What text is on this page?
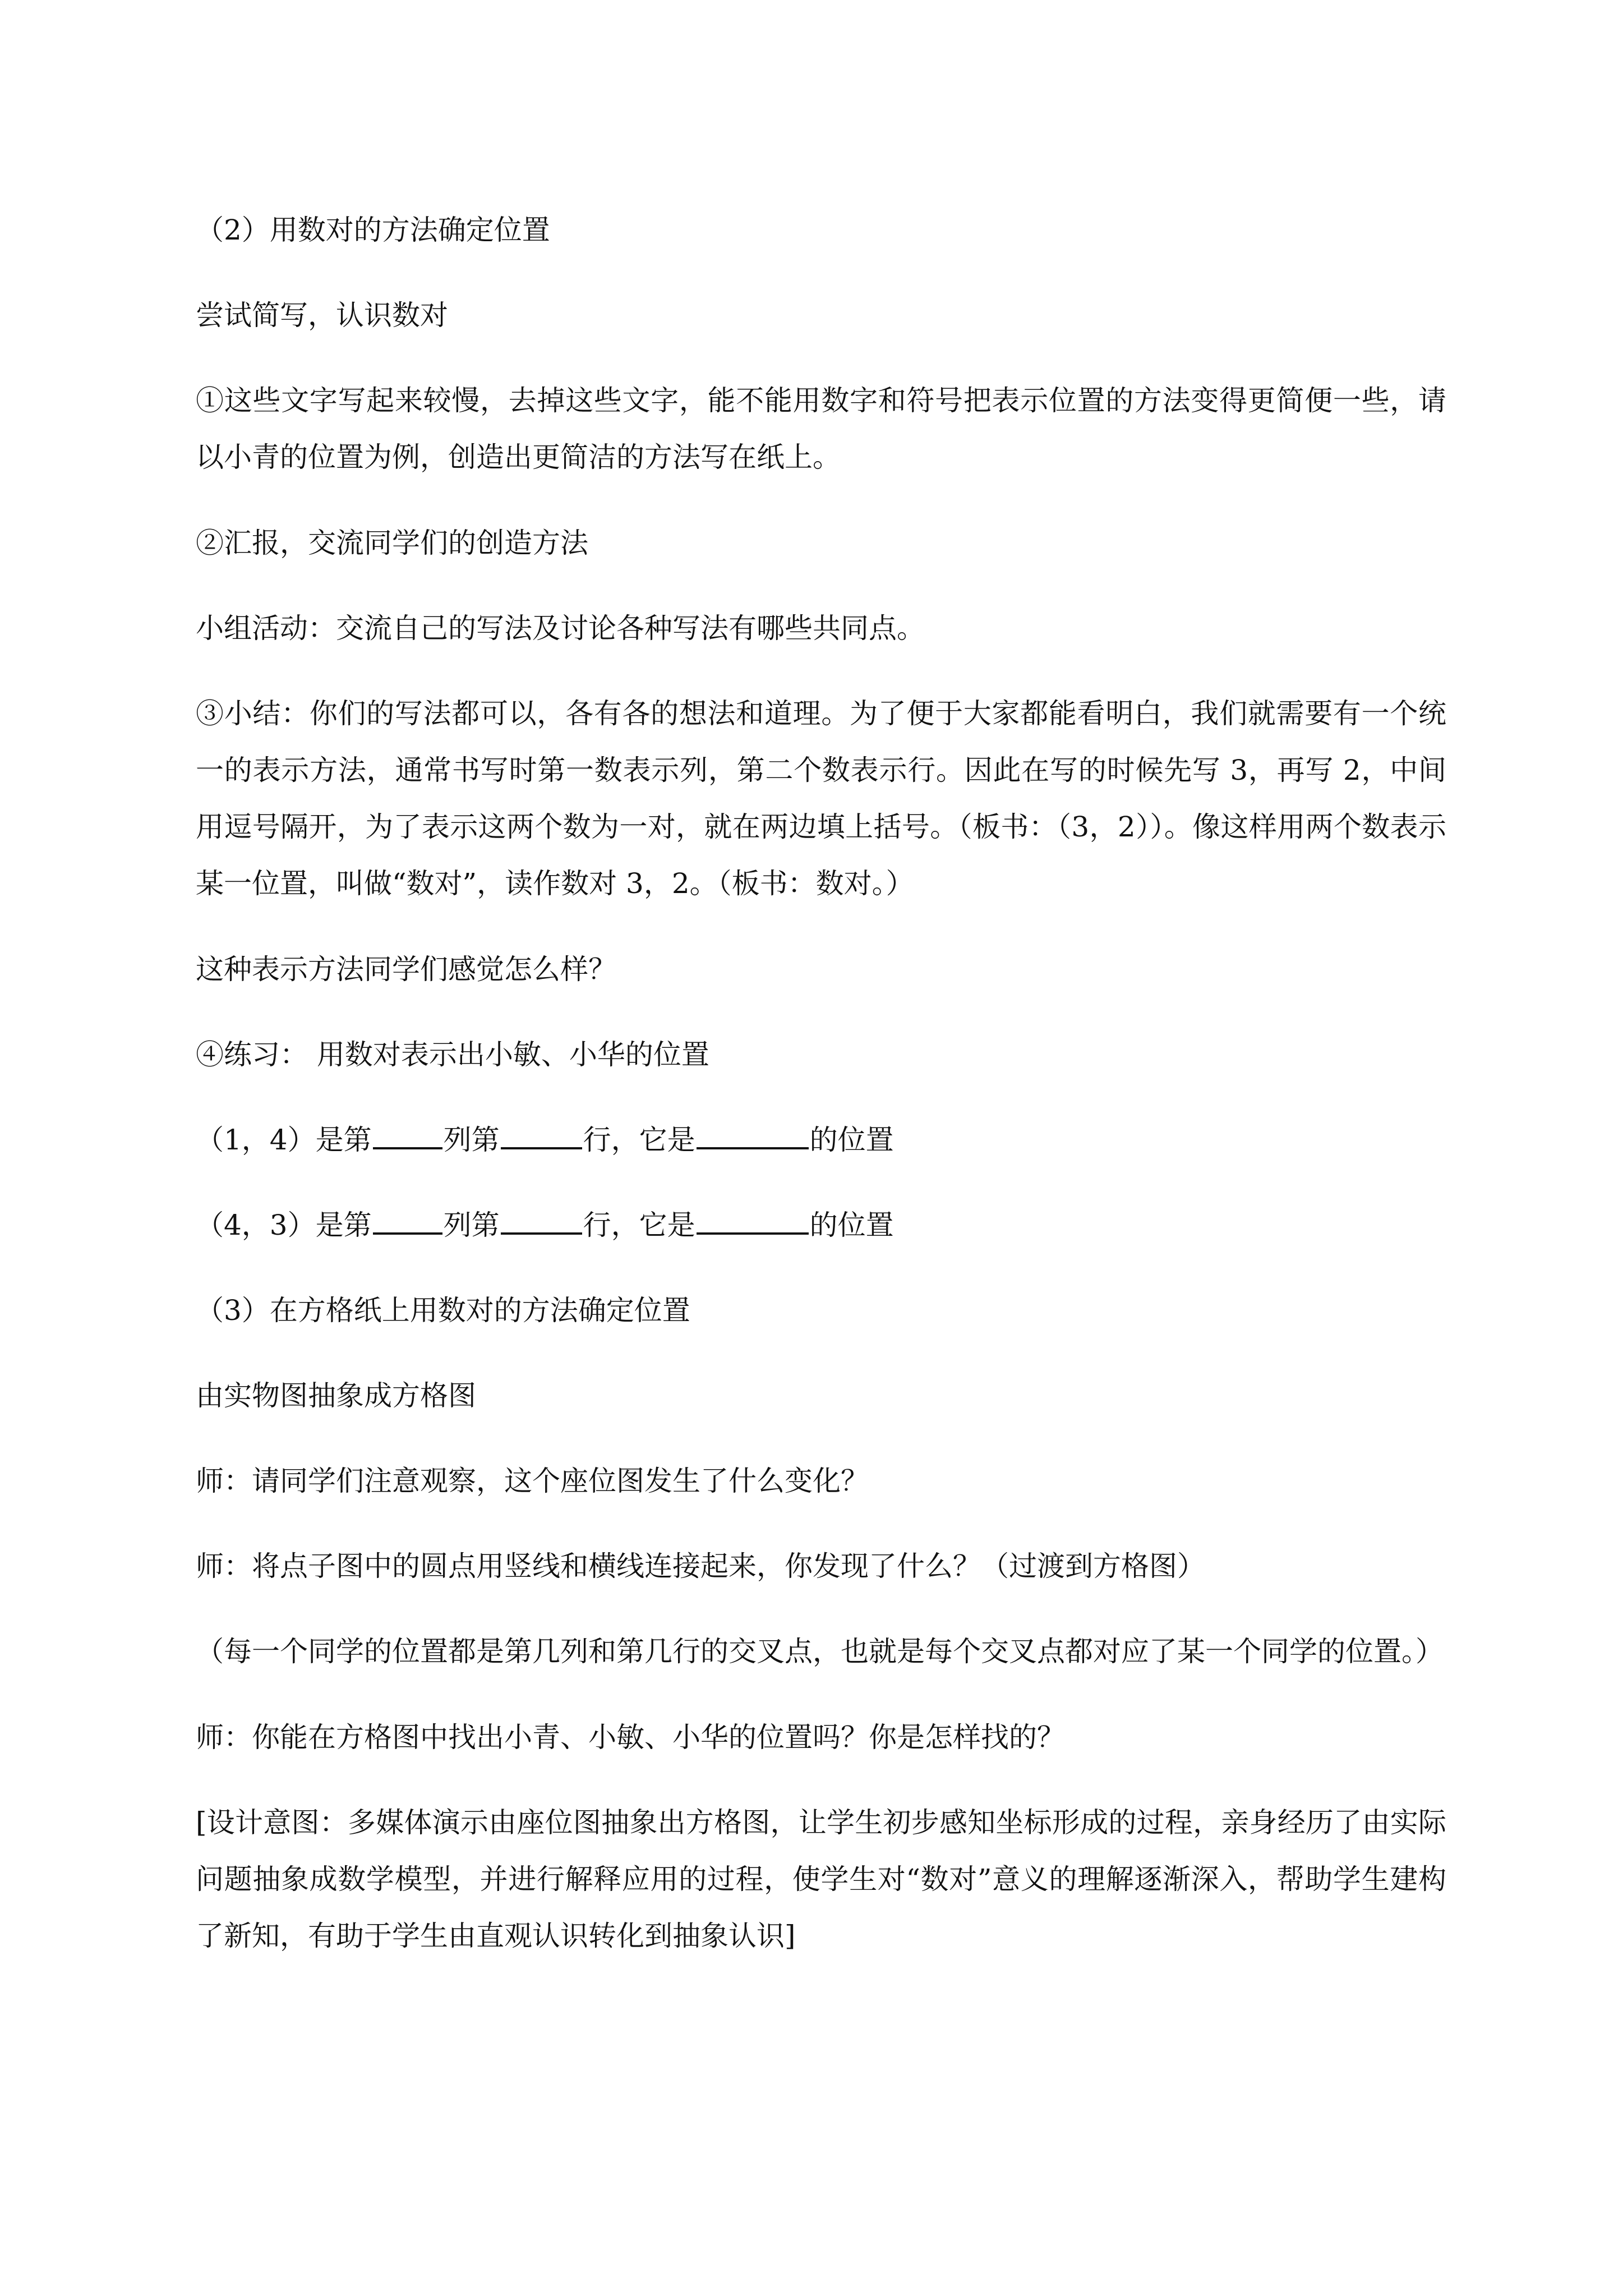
（2）用数对的方法确定位置

尝试简写，认识数对

①这些文字写起来较慢，去掉这些文字，能不能用数字和符号把表示位置的方法变得更简便一些，请以小青的位置为例，创造出更简洁的方法写在纸上。

②汇报，交流同学们的创造方法

小组活动：交流自己的写法及讨论各种写法有哪些共同点。

③小结：你们的写法都可以，各有各的想法和道理。为了便于大家都能看明白，我们就需要有一个统一的表示方法，通常书写时第一数表示列，第二个数表示行。因此在写的时候先写 3，再写 2，中间用逗号隔开，为了表示这两个数为一对，就在两边填上括号。（板书：（3，2））。像这样用两个数表示某一位置，叫做“数对”，读作数对 3，2。（板书：数对。）

这种表示方法同学们感觉怎么样？

④练习： 用数对表示出小敏、小华的位置

（1，4）是第	列第	行，它是	的位置

（4，3）是第	列第	行，它是	的位置

（3）在方格纸上用数对的方法确定位置

由实物图抽象成方格图

师：请同学们注意观察，这个座位图发生了什么变化？

师：将点子图中的圆点用竖线和横线连接起来，你发现了什么？（过渡到方格图）

（每一个同学的位置都是第几列和第几行的交叉点，也就是每个交叉点都对应了某一个同学的位置。）

师：你能在方格图中找出小青、小敏、小华的位置吗？你是怎样找的？

[设计意图：多媒体演示由座位图抽象出方格图，让学生初步感知坐标形成的过程，亲身经历了由实际问题抽象成数学模型，并进行解释应用的过程，使学生对“数对”意义的理解逐渐深入，帮助学生建构了新知，有助于学生由直观认识转化到抽象认识]
